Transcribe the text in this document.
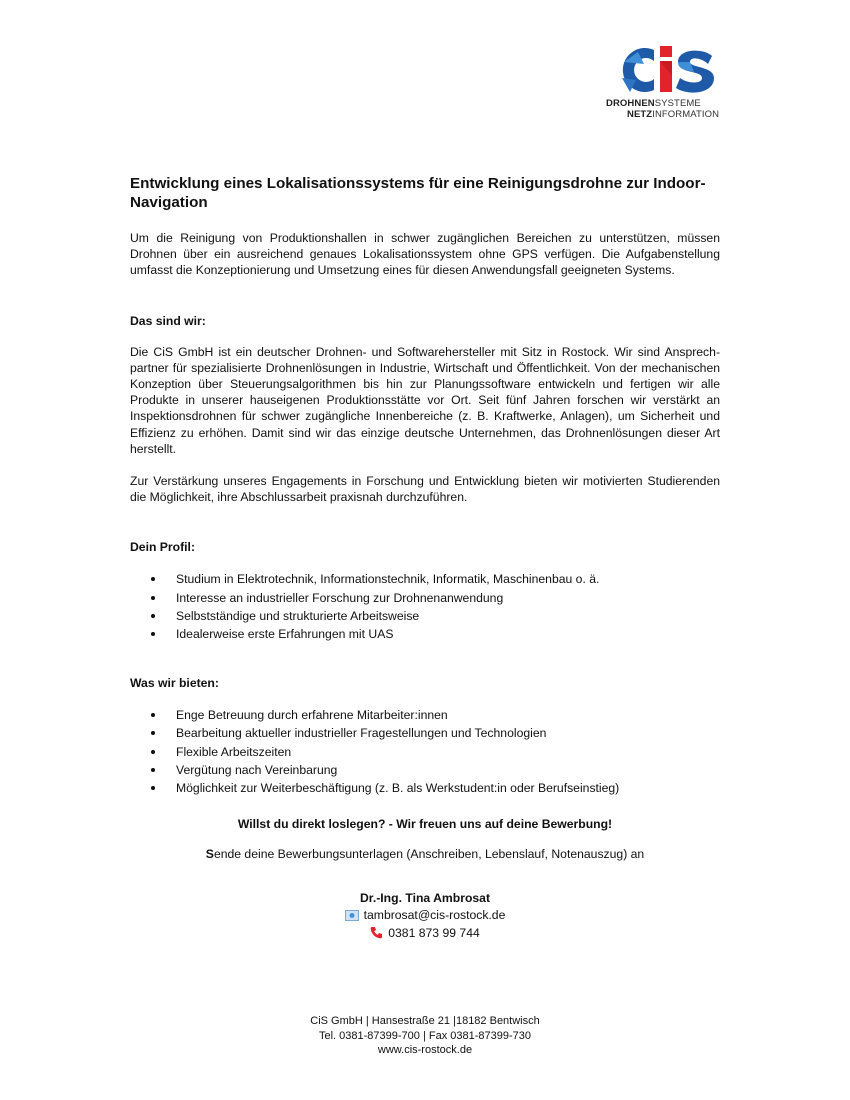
DROHNENSYSTEME
NETZINFORMATION
Entwicklung eines Lokalisationssystems für eine Reinigungsdrohne zur Indoor-Navigation

Um die Reinigung von Produktionshallen in schwer zugänglichen Bereichen zu unterstützen, müssen Drohnen über ein ausreichend genaues Lokalisationssystem ohne GPS verfügen. Die Aufgabenstellung umfasst die Konzeptionierung und Umsetzung eines für diesen Anwendungsfall geeigneten Systems.

Das sind wir:

Die CiS GmbH ist ein deutscher Drohnen- und Softwarehersteller mit Sitz in Rostock. Wir sind Ansprechpartner für spezialisierte Drohnenlösungen in Industrie, Wirtschaft und Öffentlichkeit. Von der mechanischen Konzeption über Steuerungsalgorithmen bis hin zur Planungssoftware entwickeln und fertigen wir alle Produkte in unserer hauseigenen Produktionsstätte vor Ort. Seit fünf Jahren forschen wir verstärkt an Inspektionsdrohnen für schwer zugängliche Innenbereiche (z. B. Kraftwerke, Anlagen), um Sicherheit und Effizienz zu erhöhen. Damit sind wir das einzige deutsche Unternehmen, das Drohnenlösungen dieser Art herstellt.

Zur Verstärkung unseres Engagements in Forschung und Entwicklung bieten wir motivierten Studierenden die Möglichkeit, ihre Abschlussarbeit praxisnah durchzuführen.

Dein Profil:
Studium in Elektrotechnik, Informationstechnik, Informatik, Maschinenbau o. ä.
Interesse an industrieller Forschung zur Drohnenanwendung
Selbstständige und strukturierte Arbeitsweise
Idealerweise erste Erfahrungen mit UAS
Was wir bieten:
Enge Betreuung durch erfahrene Mitarbeiter:innen
Bearbeitung aktueller industrieller Fragestellungen und Technologien
Flexible Arbeitszeiten
Vergütung nach Vereinbarung
Möglichkeit zur Weiterbeschäftigung (z. B. als Werkstudent:in oder Berufseinstieg)
Willst du direkt loslegen? - Wir freuen uns auf deine Bewerbung!
Sende deine Bewerbungsunterlagen (Anschreiben, Lebenslauf, Notenauszug) an
Dr.-Ing. Tina Ambrosat
tambrosat@cis-rostock.de
0381 873 99 744
CiS GmbH | Hansestraße 21 |18182 Bentwisch
Tel. 0381-87399-700 | Fax 0381-87399-730
www.cis-rostock.de
